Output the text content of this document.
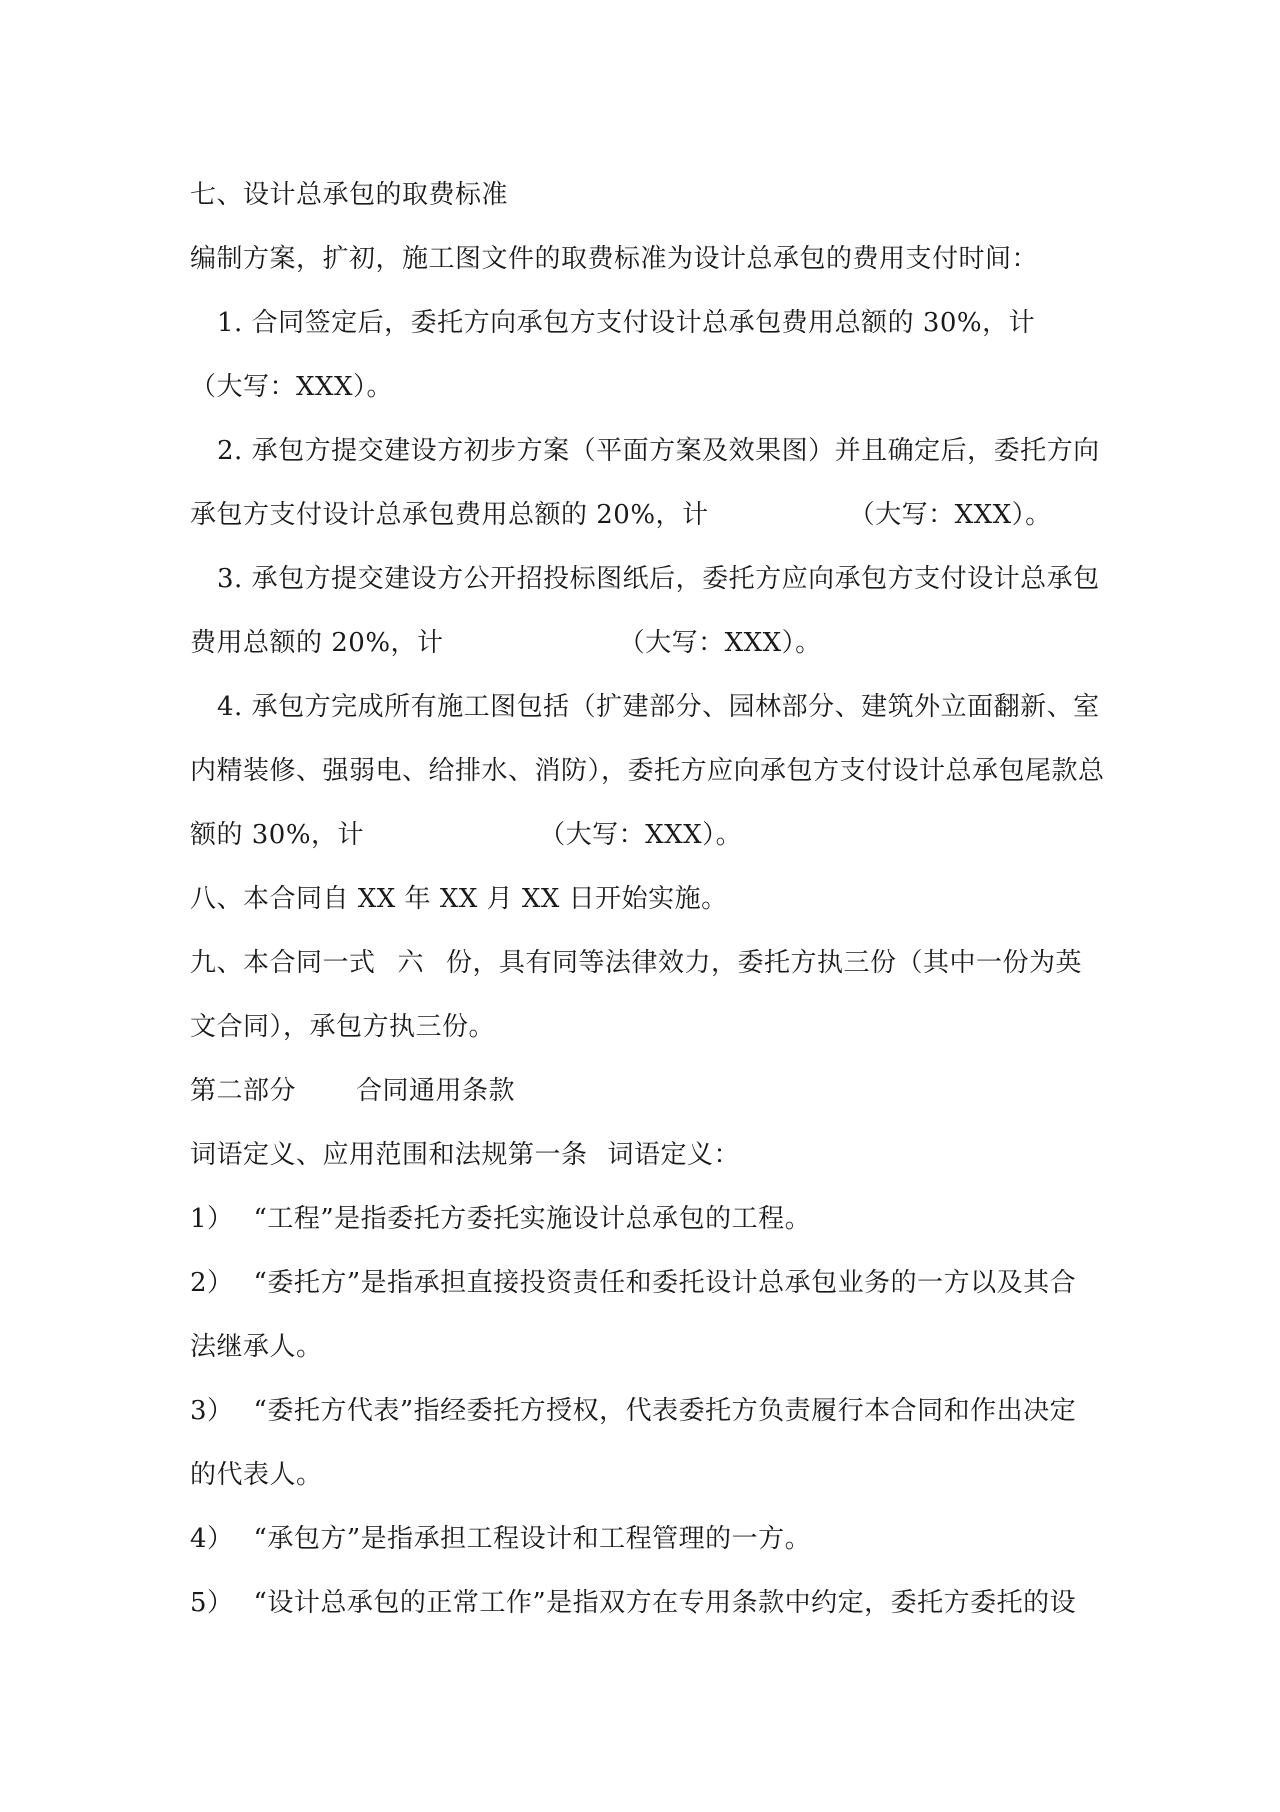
七、设计总承包的取费标准
编制方案，扩初，施工图文件的取费标准为设计总承包的费用支付时间：
1. 合同签定后，委托方向承包方支付设计总承包费用总额的 30%，计
（大写：XXX）。
2. 承包方提交建设方初步方案（平面方案及效果图）并且确定后，委托方向
承包方支付设计总承包费用总额的 20%，计	（大写：XXX）。
3. 承包方提交建设方公开招投标图纸后，委托方应向承包方支付设计总承包
费用总额的 20%，计	（大写：XXX）。
4. 承包方完成所有施工图包括（扩建部分、园林部分、建筑外立面翻新、室
内精装修、强弱电、给排水、消防），委托方应向承包方支付设计总承包尾款总
额的 30%，计	（大写：XXX）。
八、本合同自 XX 年 XX 月 XX 日开始实施。
九、本合同一式 六 份，具有同等法律效力，委托方执三份（其中一份为英
文合同），承包方执三份。
第二部分 合同通用条款
词语定义、应用范围和法规第一条 词语定义：
1） “工程”是指委托方委托实施设计总承包的工程。
2） “委托方”是指承担直接投资责任和委托设计总承包业务的一方以及其合
法继承人。
3） “委托方代表”指经委托方授权，代表委托方负责履行本合同和作出决定
的代表人。
4） “承包方”是指承担工程设计和工程管理的一方。
5） “设计总承包的正常工作”是指双方在专用条款中约定，委托方委托的设
